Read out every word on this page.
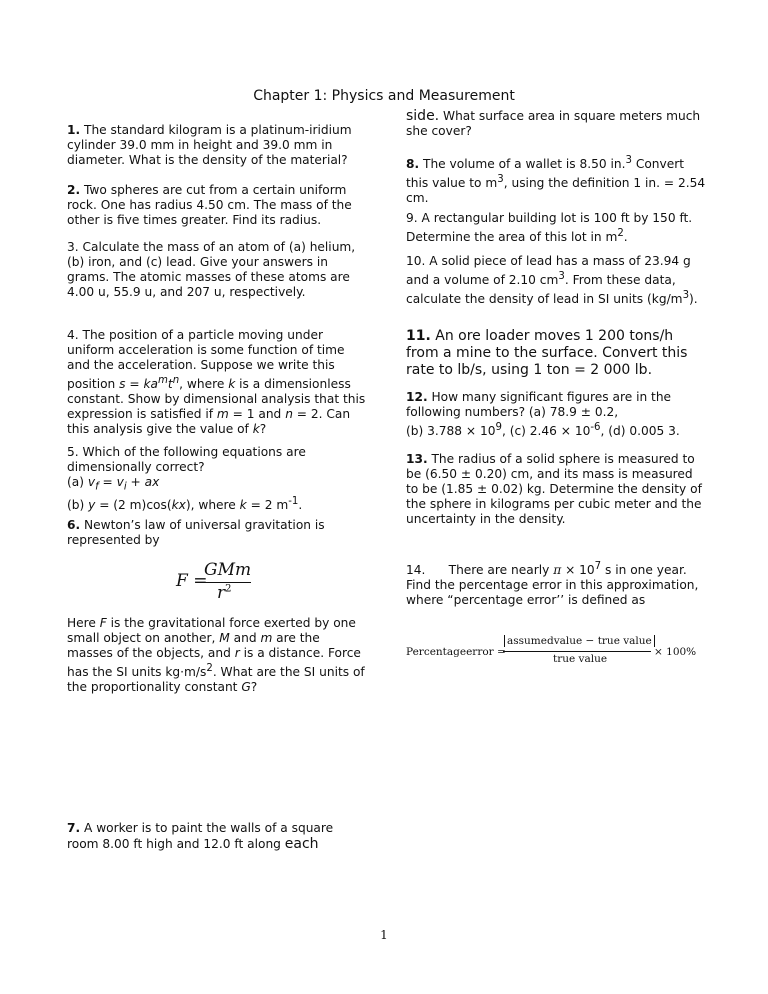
Chapter 1: Physics and Measurement
1. The standard kilogram is a platinum-iridium cylinder 39.0 mm in height and 39.0 mm in diameter. What is the density of the material?
2. Two spheres are cut from a certain uniform rock. One has radius 4.50 cm. The mass of the other is five times greater. Find its radius.
3. Calculate the mass of an atom of (a) helium, (b) iron, and (c) lead. Give your answers in grams. The atomic masses of these atoms are 4.00 u, 55.9 u, and 207 u, respectively.
4. The position of a particle moving under uniform acceleration is some function of time and the acceleration. Suppose we write this position $s = ka^mt^n$, where k is a dimensionless constant. Show by dimensional analysis that this expression is satisfied if m = 1 and n = 2. Can this analysis give the value of k?
5. Which of the following equations are dimensionally correct?
(a) $v_f = v_i$ + ax
(b) y = (2 m)cos(kx), where k = 2 $m^{-1}$.
6. Newton’s law of universal gravitation is represented by
Here F is the gravitational force exerted by one small object on another, M and m are the masses of the objects, and r is a distance. Force has the SI units $kg\cdot m/s^2$. What are the SI units of the proportionality constant G?
7. A worker is to paint the walls of a square room 8.00 ft high and 12.0 ft along each
F =
GMm
$r^2$
side. What surface area in square meters much she cover?
8. The volume of a wallet is 8.50 in.$^3$ Convert this value to $m^3$, using the definition 1 in. = 2.54 cm.
9. A rectangular building lot is 100 ft by 150 ft. Determine the area of this lot in $m^2$.
10. A solid piece of lead has a mass of 23.94 g and a volume of 2.10 $cm^3$. From these data, calculate the density of lead in SI units $(kg/m^3)$.
11. An ore loader moves 1 200 tons/h from a mine to the surface. Convert this rate to lb/s, using 1 ton = 2 000 lb.
12. How many significant figures are in the following numbers? (a) 78.9 ± 0.2,
(b) $3.788 \times 10^9$, (c) $2.46 \times 10^{-6}$, (d) 0.005 3.
13. The radius of a solid sphere is measured to be (6.50 ± 0.20) cm, and its mass is measured to be (1.85 ± 0.02) kg. Determine the density of the sphere in kilograms per cubic meter and the uncertainty in the density.
14.      There are nearly $\pi \times 10^7$ s in one year. Find the percentage error in this approximation, where “percentage error’’ is defined as
Percentageerror =
assumedvalue − true value
true value
× 100%
1
